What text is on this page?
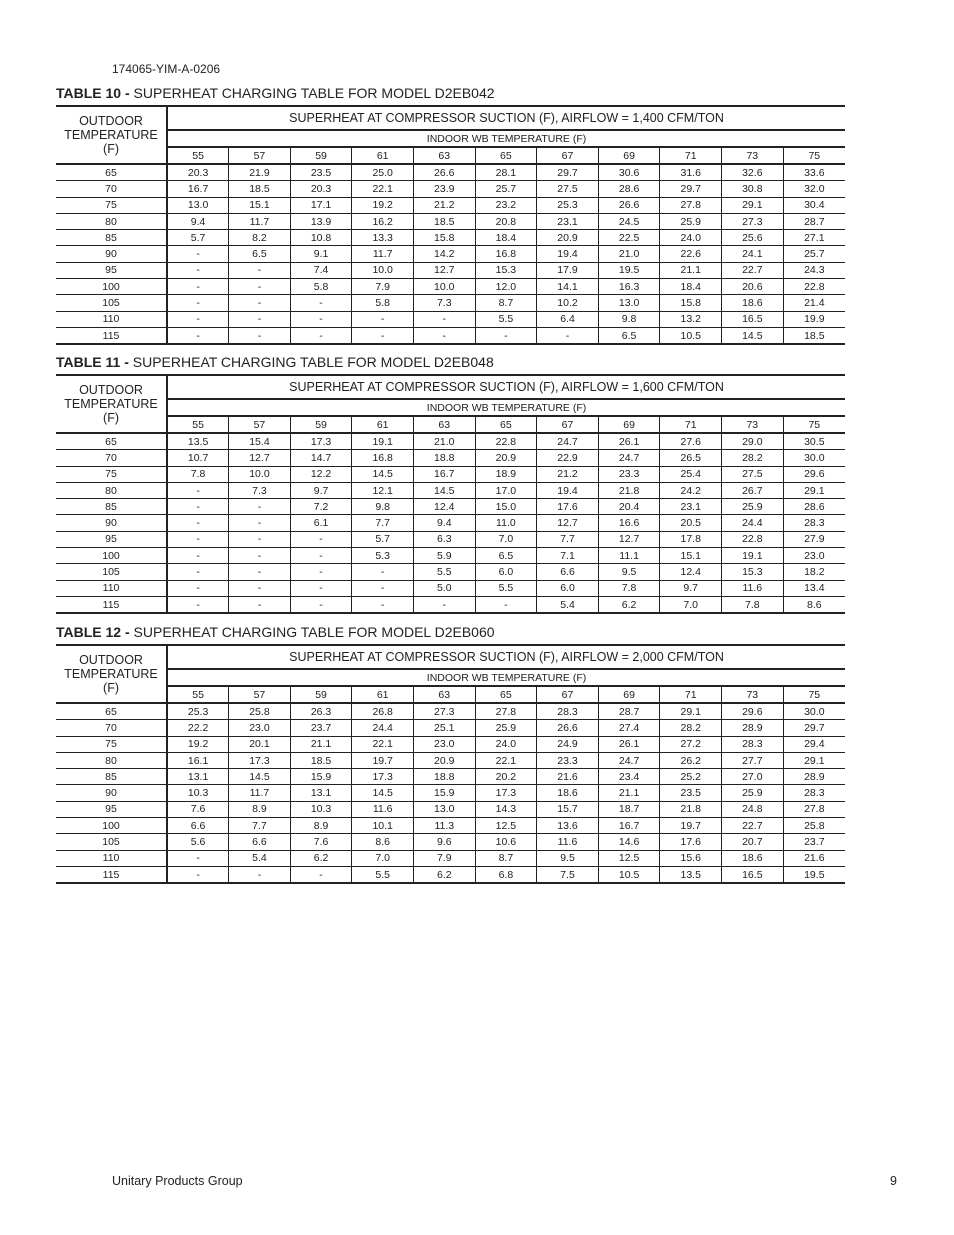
174065-YIM-A-0206
TABLE 10 - SUPERHEAT CHARGING TABLE FOR MODEL D2EB042
OUTDOOR
TEMPERATURE
(F)	SUPERHEAT AT COMPRESSOR SUCTION (F), AIRFLOW = 1,400 CFM/TON										
	INDOOR WB TEMPERATURE (F)										
	55	57	59	61	63	65	67	69	71	73	75
65	20.3	21.9	23.5	25.0	26.6	28.1	29.7	30.6	31.6	32.6	33.6
70	16.7	18.5	20.3	22.1	23.9	25.7	27.5	28.6	29.7	30.8	32.0
75	13.0	15.1	17.1	19.2	21.2	23.2	25.3	26.6	27.8	29.1	30.4
80	9.4	11.7	13.9	16.2	18.5	20.8	23.1	24.5	25.9	27.3	28.7
85	5.7	8.2	10.8	13.3	15.8	18.4	20.9	22.5	24.0	25.6	27.1
90	-	6.5	9.1	11.7	14.2	16.8	19.4	21.0	22.6	24.1	25.7
95	-	-	7.4	10.0	12.7	15.3	17.9	19.5	21.1	22.7	24.3
100	-	-	5.8	7.9	10.0	12.0	14.1	16.3	18.4	20.6	22.8
105	-	-	-	5.8	7.3	8.7	10.2	13.0	15.8	18.6	21.4
110	-	-	-	-	-	5.5	6.4	9.8	13.2	16.5	19.9
115	-	-	-	-	-	-	-	6.5	10.5	14.5	18.5
TABLE 11 - SUPERHEAT CHARGING TABLE FOR MODEL D2EB048
OUTDOOR
TEMPERATURE
(F)	SUPERHEAT AT COMPRESSOR SUCTION (F), AIRFLOW = 1,600 CFM/TON										
	INDOOR WB TEMPERATURE (F)										
	55	57	59	61	63	65	67	69	71	73	75
65	13.5	15.4	17.3	19.1	21.0	22.8	24.7	26.1	27.6	29.0	30.5
70	10.7	12.7	14.7	16.8	18.8	20.9	22.9	24.7	26.5	28.2	30.0
75	7.8	10.0	12.2	14.5	16.7	18.9	21.2	23.3	25.4	27.5	29.6
80	-	7.3	9.7	12.1	14.5	17.0	19.4	21.8	24.2	26.7	29.1
85	-	-	7.2	9.8	12.4	15.0	17.6	20.4	23.1	25.9	28.6
90	-	-	6.1	7.7	9.4	11.0	12.7	16.6	20.5	24.4	28.3
95	-	-	-	5.7	6.3	7.0	7.7	12.7	17.8	22.8	27.9
100	-	-	-	5.3	5.9	6.5	7.1	11.1	15.1	19.1	23.0
105	-	-	-	-	5.5	6.0	6.6	9.5	12.4	15.3	18.2
110	-	-	-	-	5.0	5.5	6.0	7.8	9.7	11.6	13.4
115	-	-	-	-	-	-	5.4	6.2	7.0	7.8	8.6
TABLE 12 - SUPERHEAT CHARGING TABLE FOR MODEL D2EB060
OUTDOOR
TEMPERATURE
(F)	SUPERHEAT AT COMPRESSOR SUCTION (F), AIRFLOW = 2,000 CFM/TON										
	INDOOR WB TEMPERATURE (F)										
	55	57	59	61	63	65	67	69	71	73	75
65	25.3	25.8	26.3	26.8	27.3	27.8	28.3	28.7	29.1	29.6	30.0
70	22.2	23.0	23.7	24.4	25.1	25.9	26.6	27.4	28.2	28.9	29.7
75	19.2	20.1	21.1	22.1	23.0	24.0	24.9	26.1	27.2	28.3	29.4
80	16.1	17.3	18.5	19.7	20.9	22.1	23.3	24.7	26.2	27.7	29.1
85	13.1	14.5	15.9	17.3	18.8	20.2	21.6	23.4	25.2	27.0	28.9
90	10.3	11.7	13.1	14.5	15.9	17.3	18.6	21.1	23.5	25.9	28.3
95	7.6	8.9	10.3	11.6	13.0	14.3	15.7	18.7	21.8	24.8	27.8
100	6.6	7.7	8.9	10.1	11.3	12.5	13.6	16.7	19.7	22.7	25.8
105	5.6	6.6	7.6	8.6	9.6	10.6	11.6	14.6	17.6	20.7	23.7
110	-	5.4	6.2	7.0	7.9	8.7	9.5	12.5	15.6	18.6	21.6
115	-	-	-	5.5	6.2	6.8	7.5	10.5	13.5	16.5	19.5
Unitary Products Group	9
